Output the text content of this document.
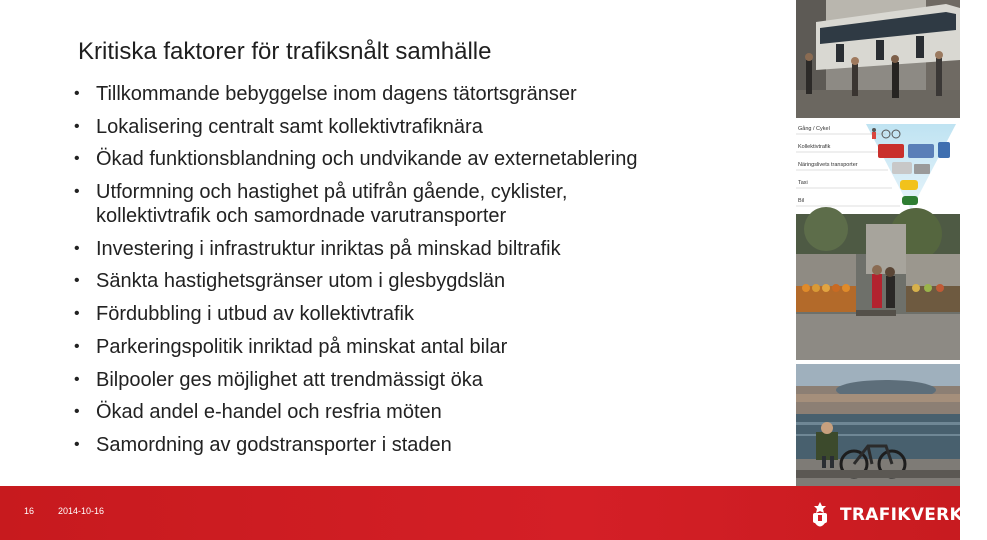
Kritiska faktorer för trafiksnålt samhälle
• Tillkommande bebyggelse inom dagens tätortsgränser
• Lokalisering centralt samt kollektivtrafiknära
• Ökad funktionsblandning och undvikande av externetablering
• Utformning och hastighet på utifrån gående, cyklister,
kollektivtrafik och samordnade varutransporter
• Investering i infrastruktur inriktas på minskad biltrafik
• Sänkta hastighetsgränser utom i glesbygdslän
• Fördubbling i utbud av kollektivtrafik
• Parkeringspolitik inriktad på minskat antal bilar
• Bilpooler ges möjlighet att trendmässigt öka
• Ökad andel e-handel och resfria möten
• Samordning av godstransporter i staden
Gång / Cykel
Kollektivtrafik
Näringslivets transporter
Taxi
Bil
16	2014-10-16	TRAFIKVERKET
